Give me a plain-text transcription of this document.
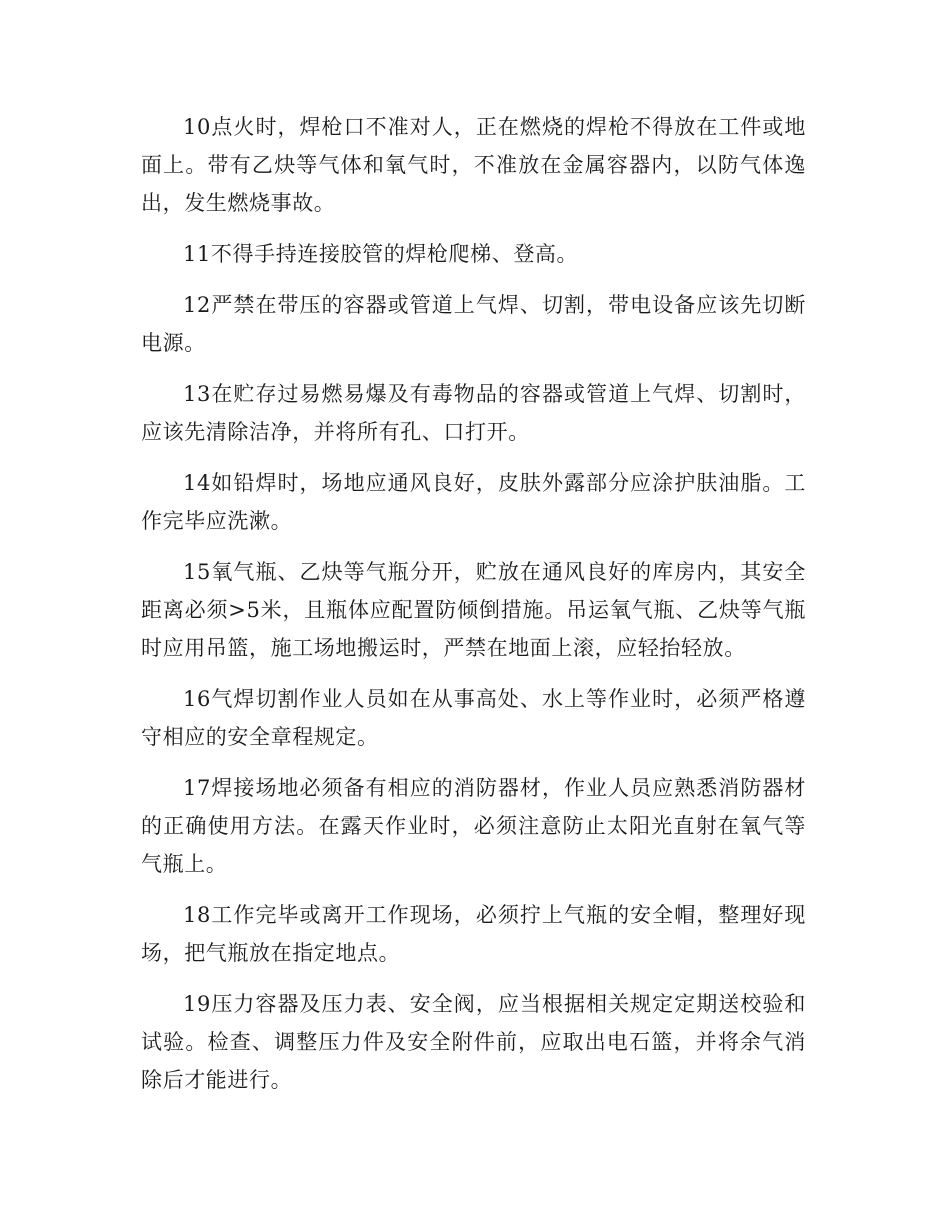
10点火时，焊枪口不准对人，正在燃烧的焊枪不得放在工件或地面上。带有乙炔等气体和氧气时，不准放在金属容器内，以防气体逸出，发生燃烧事故。

11不得手持连接胶管的焊枪爬梯、登高。

12严禁在带压的容器或管道上气焊、切割，带电设备应该先切断电源。

13在贮存过易燃易爆及有毒物品的容器或管道上气焊、切割时，应该先清除洁净，并将所有孔、口打开。

14如铅焊时，场地应通风良好，皮肤外露部分应涂护肤油脂。工作完毕应洗漱。

15氧气瓶、乙炔等气瓶分开，贮放在通风良好的库房内，其安全距离必须>5米，且瓶体应配置防倾倒措施。吊运氧气瓶、乙炔等气瓶时应用吊篮，施工场地搬运时，严禁在地面上滚，应轻抬轻放。

16气焊切割作业人员如在从事高处、水上等作业时，必须严格遵守相应的安全章程规定。

17焊接场地必须备有相应的消防器材，作业人员应熟悉消防器材的正确使用方法。在露天作业时，必须注意防止太阳光直射在氧气等气瓶上。

18工作完毕或离开工作现场，必须拧上气瓶的安全帽，整理好现场，把气瓶放在指定地点。

19压力容器及压力表、安全阀，应当根据相关规定定期送校验和试验。检查、调整压力件及安全附件前，应取出电石篮，并将余气消除后才能进行。
